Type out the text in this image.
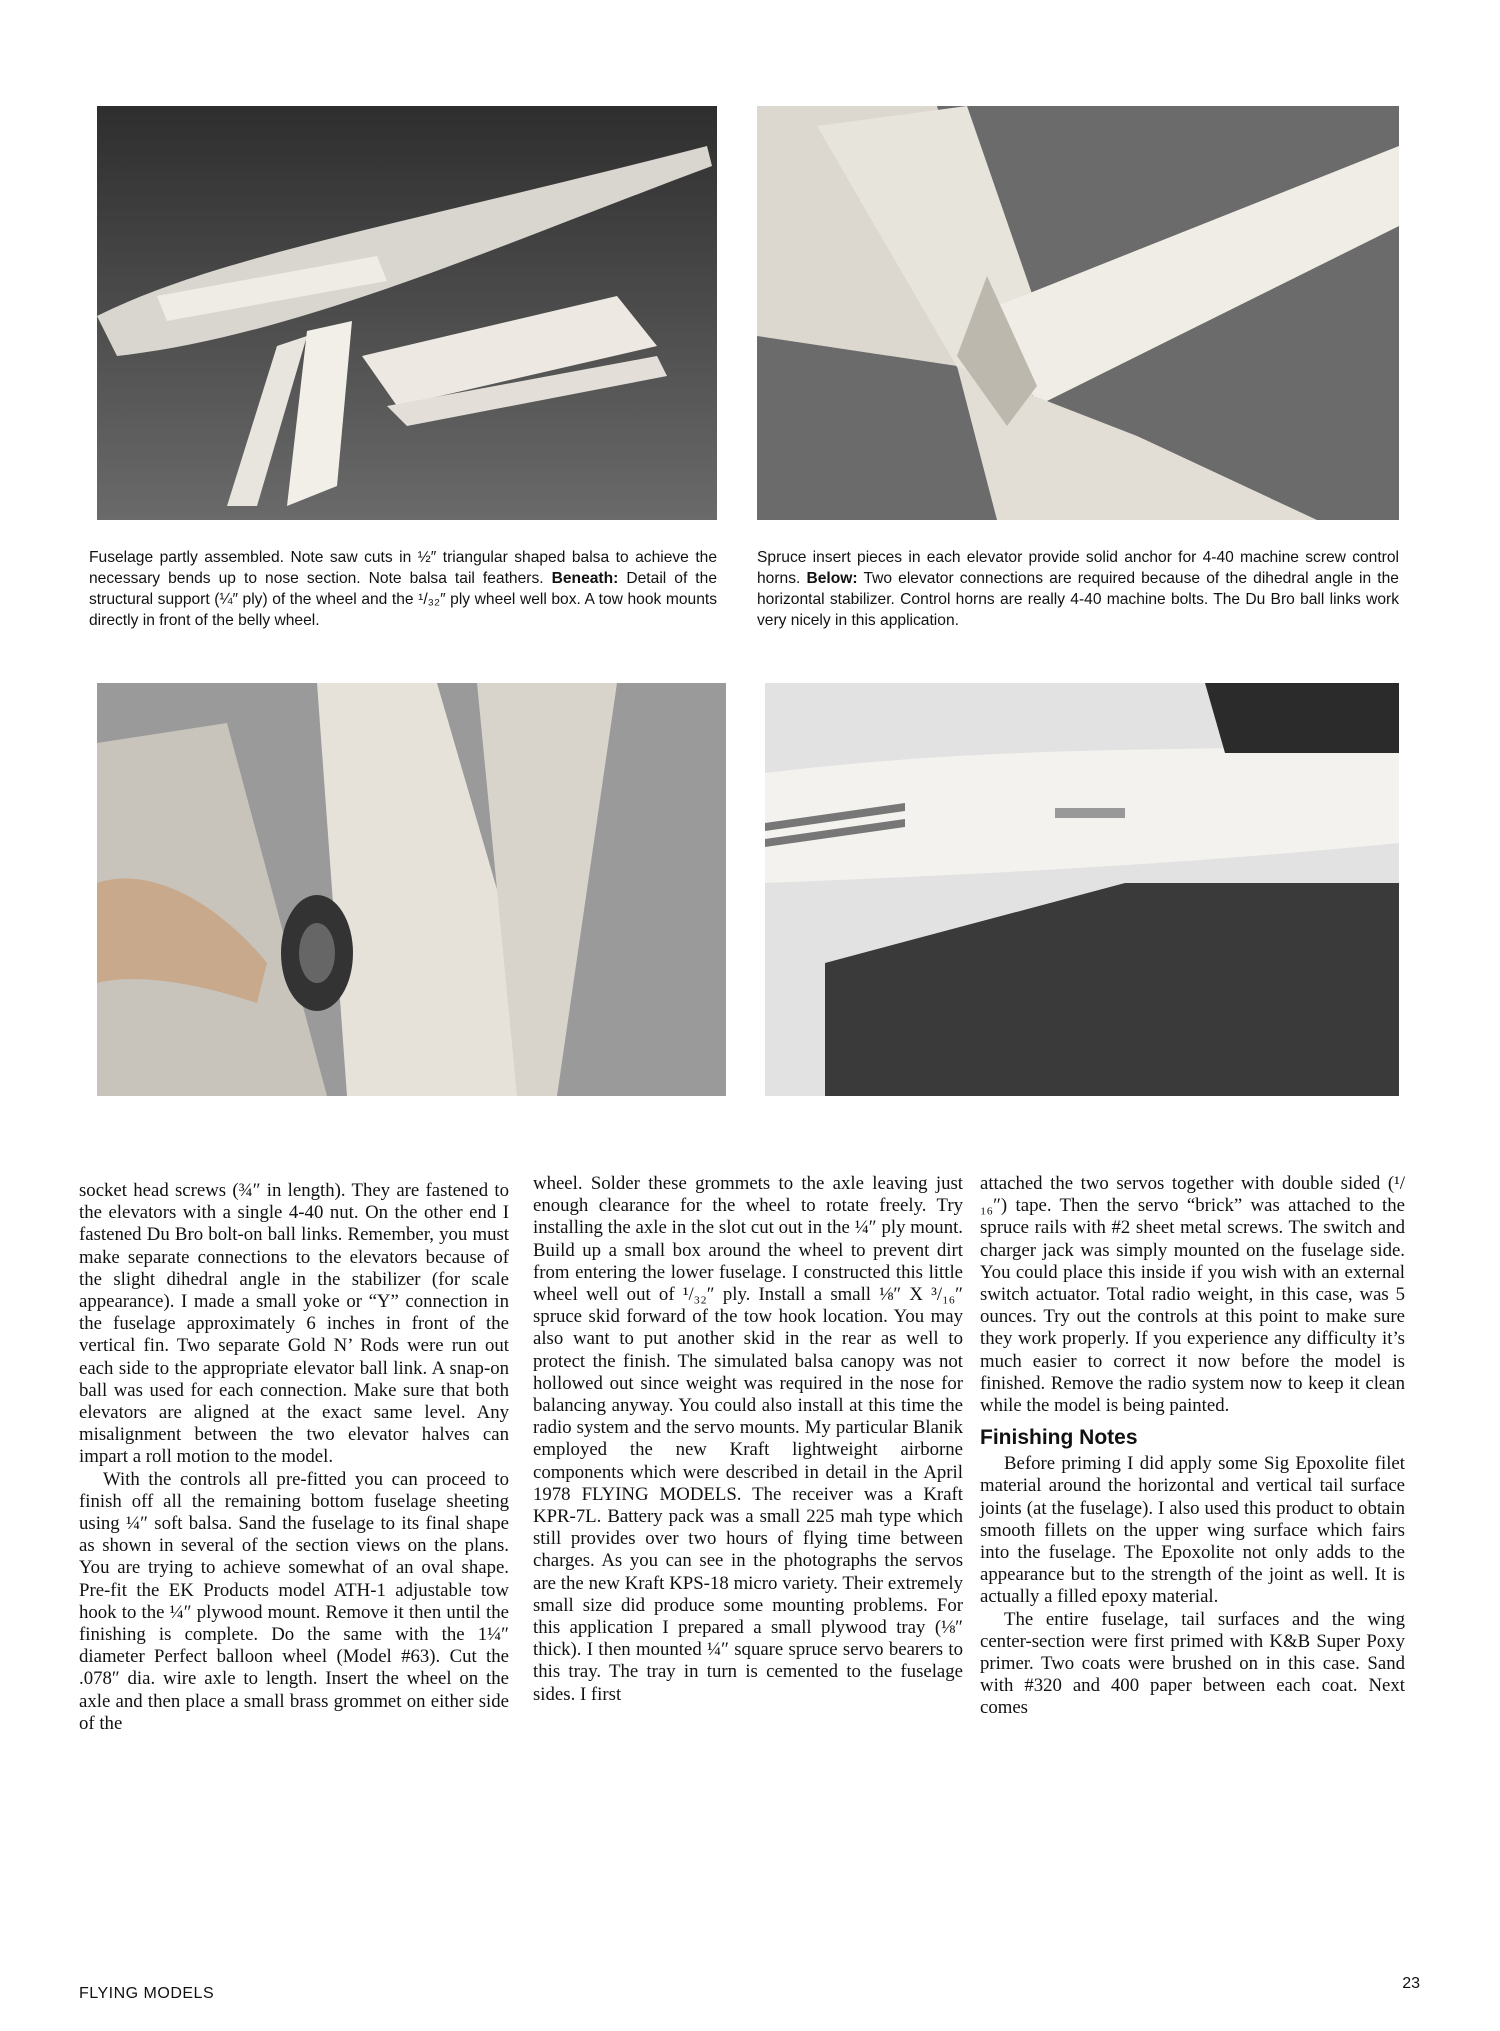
Fuselage partly assembled. Note saw cuts in ½″ triangular shaped balsa to achieve the necessary bends up to nose section. Note balsa tail feathers. Beneath: Detail of the structural support (¼″ ply) of the wheel and the ¹/₃₂″ ply wheel well box. A tow hook mounts directly in front of the belly wheel.

Spruce insert pieces in each elevator provide solid anchor for 4-40 machine screw control horns. Below: Two elevator connections are required because of the dihedral angle in the horizontal stabilizer. Control horns are really 4-40 machine bolts. The Du Bro ball links work very nicely in this application.

socket head screws (¾″ in length). They are fastened to the elevators with a single 4-40 nut. On the other end I fastened Du Bro bolt-on ball links. Remember, you must make separate connections to the elevators because of the slight dihedral angle in the stabilizer (for scale appearance). I made a small yoke or “Y” connection in the fuselage approximately 6 inches in front of the vertical fin. Two separate Gold N’ Rods were run out each side to the appropriate elevator ball link. A snap-on ball was used for each connection. Make sure that both elevators are aligned at the exact same level. Any misalignment between the two elevator halves can impart a roll motion to the model.

With the controls all pre-fitted you can proceed to finish off all the remaining bottom fuselage sheeting using ¼″ soft balsa. Sand the fuselage to its final shape as shown in several of the section views on the plans. You are trying to achieve somewhat of an oval shape. Pre-fit the EK Products model ATH-1 adjustable tow hook to the ¼″ plywood mount. Remove it then until the finishing is complete. Do the same with the 1¼″ diameter Perfect balloon wheel (Model #63). Cut the .078″ dia. wire axle to length. Insert the wheel on the axle and then place a small brass grommet on either side of the

wheel. Solder these grommets to the axle leaving just enough clearance for the wheel to rotate freely. Try installing the axle in the slot cut out in the ¼″ ply mount. Build up a small box around the wheel to prevent dirt from entering the lower fuselage. I constructed this little wheel well out of ¹/₃₂″ ply. Install a small ⅛″ X ³/₁₆″ spruce skid forward of the tow hook location. You may also want to put another skid in the rear as well to protect the finish. The simulated balsa canopy was not hollowed out since weight was required in the nose for balancing anyway. You could also install at this time the radio system and the servo mounts. My particular Blanik employed the new Kraft lightweight airborne components which were described in detail in the April 1978 FLYING MODELS. The receiver was a Kraft KPR-7L. Battery pack was a small 225 mah type which still provides over two hours of flying time between charges. As you can see in the photographs the servos are the new Kraft KPS-18 micro variety. Their extremely small size did produce some mounting problems. For this application I prepared a small plywood tray (⅛″ thick). I then mounted ¼″ square spruce servo bearers to this tray. The tray in turn is cemented to the fuselage sides. I first

attached the two servos together with double sided (¹/₁₆″) tape. Then the servo “brick” was attached to the spruce rails with #2 sheet metal screws. The switch and charger jack was simply mounted on the fuselage side. You could place this inside if you wish with an external switch actuator. Total radio weight, in this case, was 5 ounces. Try out the controls at this point to make sure they work properly. If you experience any difficulty it’s much easier to correct it now before the model is finished. Remove the radio system now to keep it clean while the model is being painted.

Finishing Notes

Before priming I did apply some Sig Epoxolite filet material around the horizontal and vertical tail surface joints (at the fuselage). I also used this product to obtain smooth fillets on the upper wing surface which fairs into the fuselage. The Epoxolite not only adds to the appearance but to the strength of the joint as well. It is actually a filled epoxy material.

The entire fuselage, tail surfaces and the wing center-section were first primed with K&B Super Poxy primer. Two coats were brushed on in this case. Sand with #320 and 400 paper between each coat. Next comes

FLYING MODELS
23
